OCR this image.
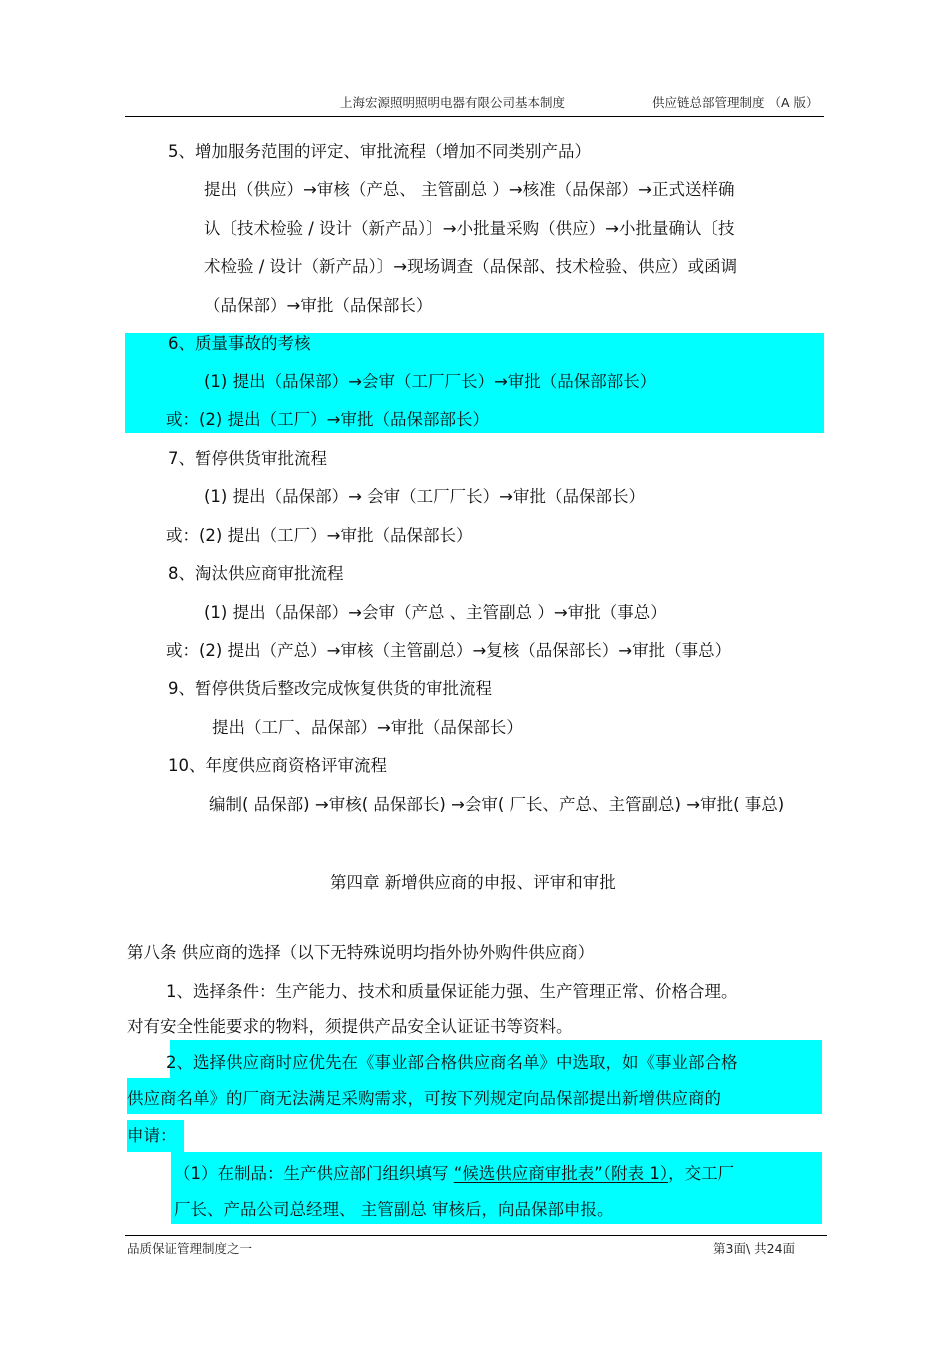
上海宏源照明照明电器有限公司基本制度	供应链总部管理制度 （A 版）
5、增加服务范围的评定、审批流程（增加不同类别产品）
提出（供应）→审核（产总、 主管副总 ）→核准（品保部）→正式送样确
认〔技术检验 / 设计（新产品）〕→小批量采购（供应）→小批量确认〔技
术检验 / 设计（新产品）〕→现场调查（品保部、技术检验、供应）或函调
（品保部）→审批（品保部长）
6、质量事故的考核
(1) 提出（品保部）→会审（工厂厂长）→审批（品保部部长）
或：(2) 提出（工厂）→审批（品保部部长）
7、暂停供货审批流程
(1) 提出（品保部）→ 会审（工厂厂长）→审批（品保部长）
或：(2) 提出（工厂）→审批（品保部长）
8、淘汰供应商审批流程
(1) 提出（品保部）→会审（产总 、主管副总 ）→审批（事总）
或：(2) 提出（产总）→审核（主管副总）→复核（品保部长）→审批（事总）
9、暂停供货后整改完成恢复供货的审批流程
提出（工厂、品保部）→审批（品保部长）
10、年度供应商资格评审流程
编制( 品保部) →审核( 品保部长) →会审( 厂长、产总、主管副总) →审批( 事总)
第四章 新增供应商的申报、评审和审批
第八条 供应商的选择（以下无特殊说明均指外协外购件供应商）
1、选择条件：生产能力、技术和质量保证能力强、生产管理正常、价格合理。
对有安全性能要求的物料，须提供产品安全认证证书等资料。
2、选择供应商时应优先在《事业部合格供应商名单》中选取，如《事业部合格
供应商名单》的厂商无法满足采购需求，可按下列规定向品保部提出新增供应商的
申请：
（1）在制品：生产供应部门组织填写 “候选供应商审批表”（附表 1），交工厂
厂长、产品公司总经理、 主管副总 审核后，向品保部申报。
品质保证管理制度之一	第3面\ 共24面
